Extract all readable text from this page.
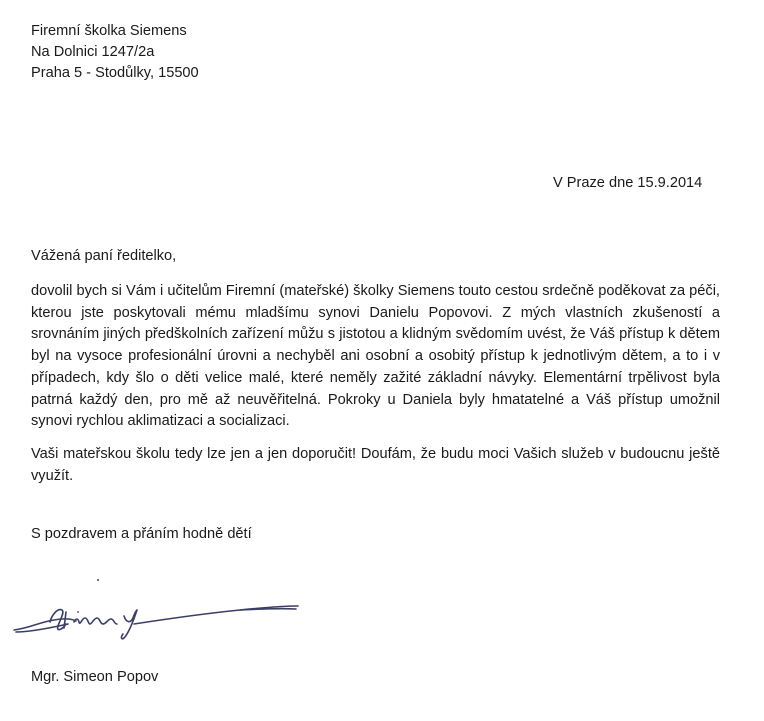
Firemní školka Siemens
Na Dolnici 1247/2a
Praha 5 - Stodůlky, 15500
V Praze dne 15.9.2014
Vážená paní ředitelko,

dovolil bych si Vám i učitelům Firemní (mateřské) školky Siemens touto cestou srdečně poděkovat za péči, kterou jste poskytovali mému mladšímu synovi Danielu Popovovi. Z mých vlastních zkušeností a srovnáním jiných předškolních zařízení můžu s jistotou a klidným svědomím uvést, že Váš přístup k dětem byl na vysoce profesionální úrovni a nechyběl ani osobní a osobitý přístup k jednotlivým dětem, a to i v případech, kdy šlo o děti velice malé, které neměly zažité základní návyky. Elementární trpělivost byla patrná každý den, pro mě až neuvěřitelná. Pokroky u Daniela byly hmatatelné a Váš přístup umožnil synovi rychlou aklimatizaci a socializaci.

Vaši mateřskou školu tedy lze jen a jen doporučit! Doufám, že budu moci Vašich služeb v budoucnu ještě využít.

S pozdravem a přáním hodně dětí
Mgr. Simeon Popov
